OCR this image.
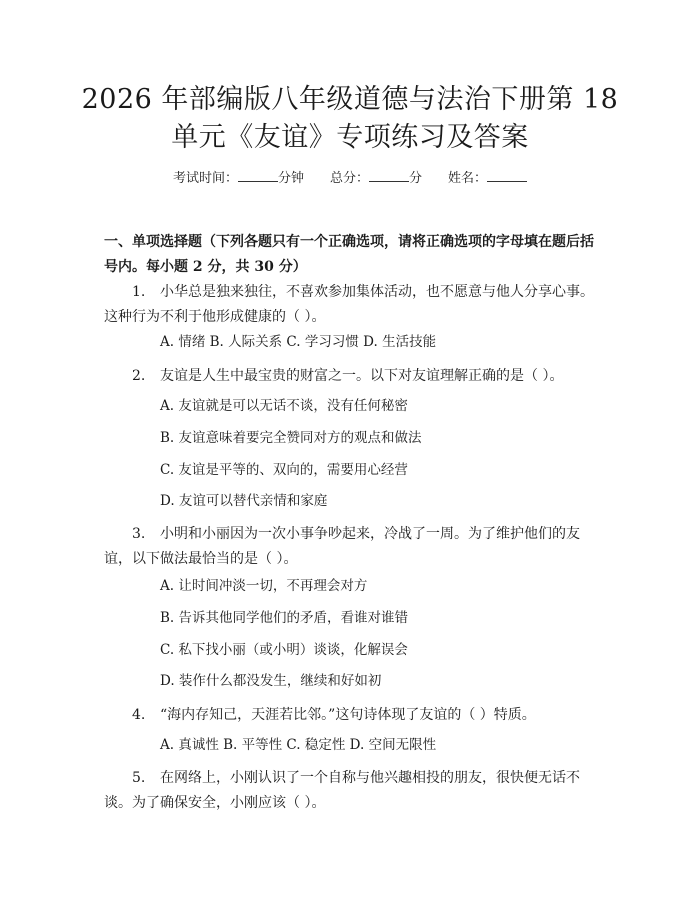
2026 年部编版八年级道德与法治下册第 18
单元《友谊》专项练习及答案
考试时间：	分钟 总分：	分 姓名：
一、单项选择题（下列各题只有一个正确选项，请将正确选项的字母填在题后括号内。每小题 2 分，共 30 分）
1. 小华总是独来独往，不喜欢参加集体活动，也不愿意与他人分享心事。这种行为不利于他形成健康的（ ）。
A. 情绪 B. 人际关系 C. 学习习惯 D. 生活技能
2. 友谊是人生中最宝贵的财富之一。以下对友谊理解正确的是（ ）。
A. 友谊就是可以无话不谈，没有任何秘密
B. 友谊意味着要完全赞同对方的观点和做法
C. 友谊是平等的、双向的，需要用心经营
D. 友谊可以替代亲情和家庭
3. 小明和小丽因为一次小事争吵起来，冷战了一周。为了维护他们的友谊，以下做法最恰当的是（ ）。
A. 让时间冲淡一切，不再理会对方
B. 告诉其他同学他们的矛盾，看谁对谁错
C. 私下找小丽（或小明）谈谈，化解误会
D. 装作什么都没发生，继续和好如初
4. “海内存知己，天涯若比邻。”这句诗体现了友谊的（ ）特质。
A. 真诚性 B. 平等性 C. 稳定性 D. 空间无限性
5. 在网络上，小刚认识了一个自称与他兴趣相投的朋友，很快便无话不谈。为了确保安全，小刚应该（ ）。
